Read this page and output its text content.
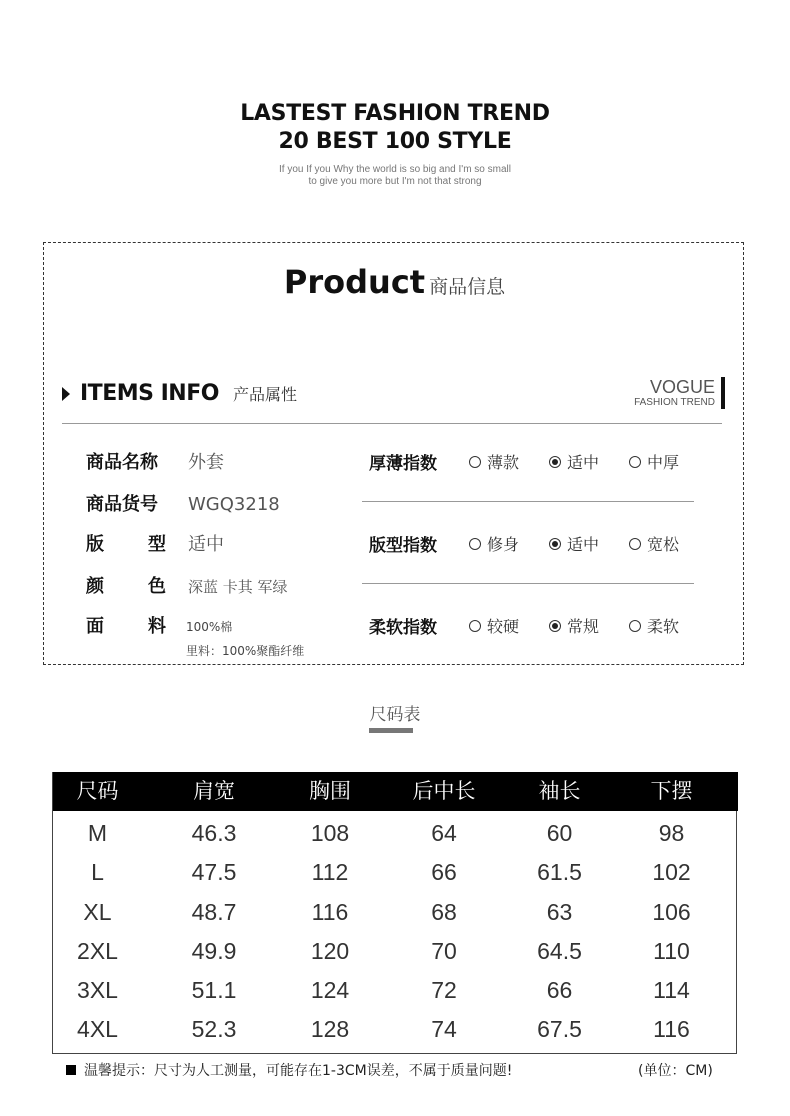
LASTEST FASHION TREND
20 BEST 100 STYLE
If you If you Why the world is so big and I'm so small
to give you more but I'm not that strong
Product 商品信息
ITEMS INFO 产品属性	VOGUE
FASHION TREND
商品名称	外套
商品货号	WGQ3218
版 型 适中
颜 色 深蓝 卡其 军绿
面 料 100%棉
里料：100%聚酯纤维
厚薄指数	薄款	适中	中厚
版型指数	修身	适中	宽松
柔软指数	较硬	常规	柔软
尺码表
尺码	肩宽	胸围	后中长	袖长	下摆
M	46.3	108	64	60	98
L	47.5	112	66	61.5	102
XL	48.7	116	68	63	106
2XL	49.9	120	70	64.5	110
3XL	51.1	124	72	66	114
4XL	52.3	128	74	67.5	116
温馨提示：尺寸为人工测量，可能存在1-3CM误差，不属于质量问题!	(单位：CM)
